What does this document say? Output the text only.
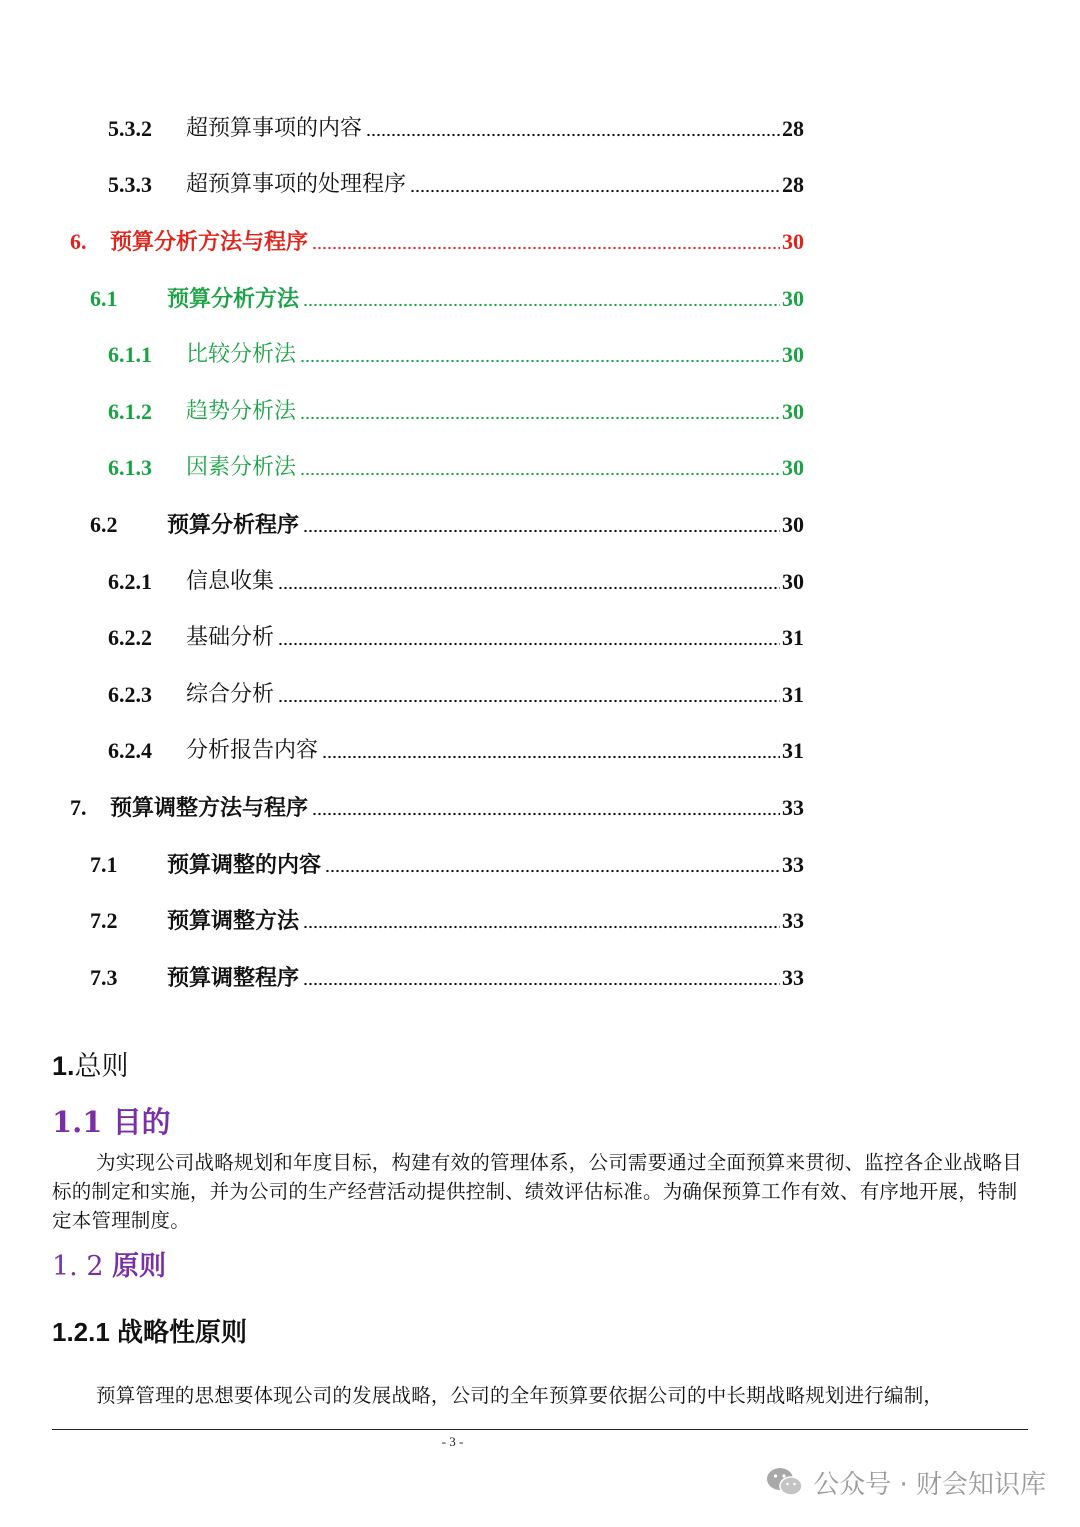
5.3.2	超预算事项的内容	28
5.3.3	超预算事项的处理程序	28
6.	预算分析方法与程序	30
6.1	预算分析方法	30
6.1.1	比较分析法	30
6.1.2	趋势分析法	30
6.1.3	因素分析法	30
6.2	预算分析程序	30
6.2.1	信息收集	30
6.2.2	基础分析	31
6.2.3	综合分析	31
6.2.4	分析报告内容	31
7.	预算调整方法与程序	33
7.1	预算调整的内容	33
7.2	预算调整方法	33
7.3	预算调整程序	33
1.总则
1.1 目的
为实现公司战略规划和年度目标，构建有效的管理体系，公司需要通过全面预算来贯彻、监控各企业战略目标的制定和实施，并为公司的生产经营活动提供控制、绩效评估标准。为确保预算工作有效、有序地开展，特制定本管理制度。
1. 2 原则
1.2.1 战略性原则
预算管理的思想要体现公司的发展战略，公司的全年预算要依据公司的中长期战略规划进行编制，
- 3 -
公众号 · 财会知识库
